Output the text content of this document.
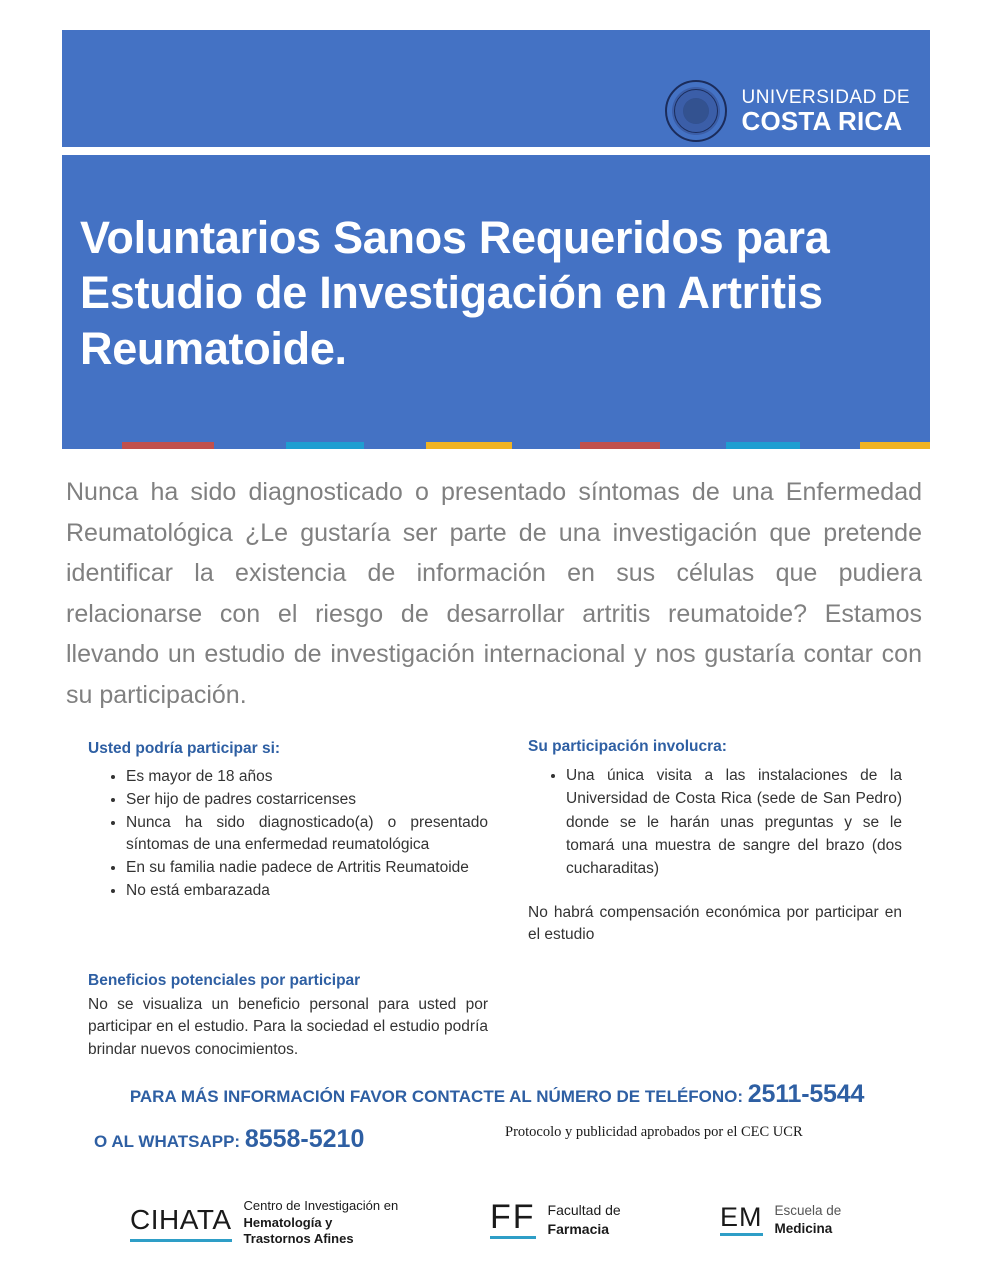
UNIVERSIDAD DE
COSTA RICA
Voluntarios Sanos Requeridos para Estudio de Investigación en Artritis Reumatoide.
Nunca ha sido diagnosticado o presentado síntomas de una Enfermedad Reumatológica ¿Le gustaría ser parte de una investigación que pretende identificar la existencia de información en sus células que pudiera relacionarse con el riesgo de desarrollar artritis reumatoide? Estamos llevando un estudio de investigación internacional y nos gustaría contar con su participación.

Usted podría participar si:

• Es mayor de 18 años
• Ser hijo de padres costarricenses
• Nunca ha sido diagnosticado(a) o presentado síntomas de una enfermedad reumatológica
• En su familia nadie padece de Artritis Reumatoide
• No está embarazada

Su participación involucra:

• Una única visita a las instalaciones de la Universidad de Costa Rica (sede de San Pedro) donde se le harán unas preguntas y se le tomará una muestra de sangre del brazo (dos cucharaditas)

No habrá compensación económica por participar en el estudio

Beneficios potenciales por participar

No se visualiza un beneficio personal para usted por participar en el estudio. Para la sociedad el estudio podría brindar nuevos conocimientos.

PARA MÁS INFORMACIÓN FAVOR CONTACTE AL NÚMERO DE TELÉFONO: 2511-5544
O AL WHATSAPP: 8558-5210	Protocolo y publicidad aprobados por el CEC UCR
CIHATA Centro de Investigación en
Hematología y
Trastornos Afines
FF Facultad de
Farmacia	EM Escuela de
Medicina
